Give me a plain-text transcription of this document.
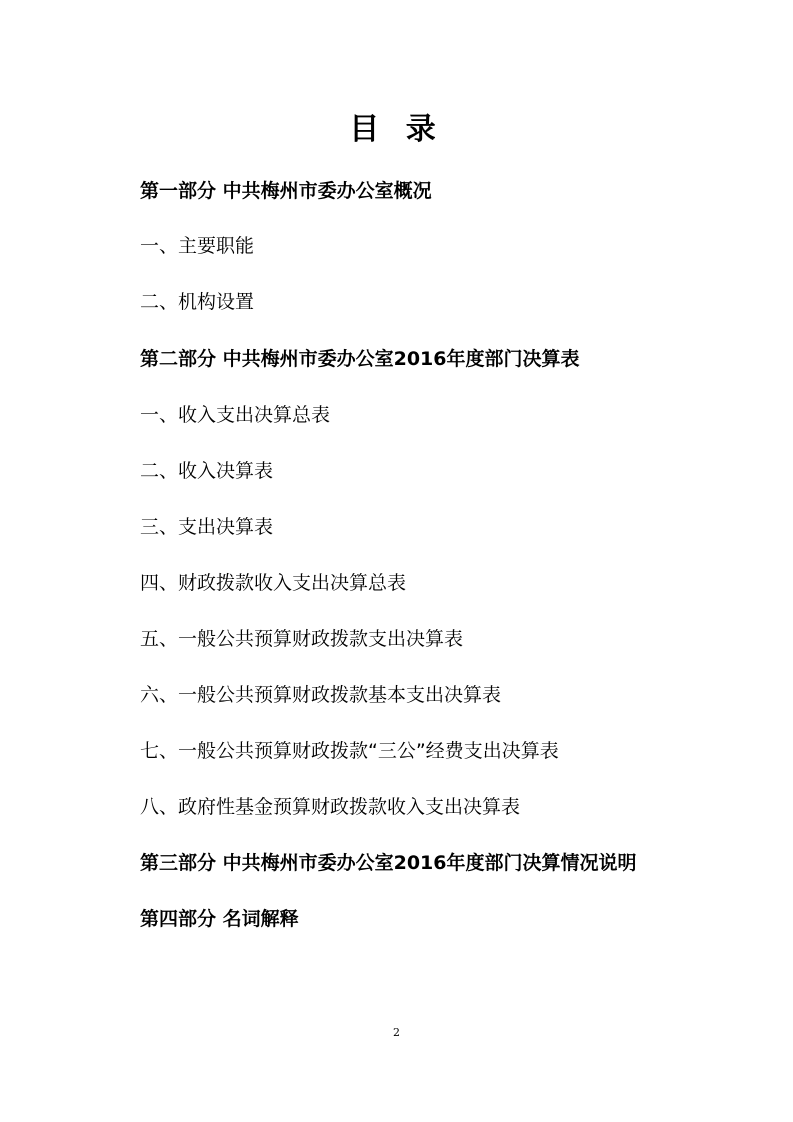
目 录
第一部分 中共梅州市委办公室概况
一、主要职能
二、机构设置
第二部分 中共梅州市委办公室2016年度部门决算表
一、收入支出决算总表
二、收入决算表
三、支出决算表
四、财政拨款收入支出决算总表
五、一般公共预算财政拨款支出决算表
六、一般公共预算财政拨款基本支出决算表
七、一般公共预算财政拨款“三公”经费支出决算表
八、政府性基金预算财政拨款收入支出决算表
第三部分 中共梅州市委办公室2016年度部门决算情况说明
第四部分 名词解释
2
